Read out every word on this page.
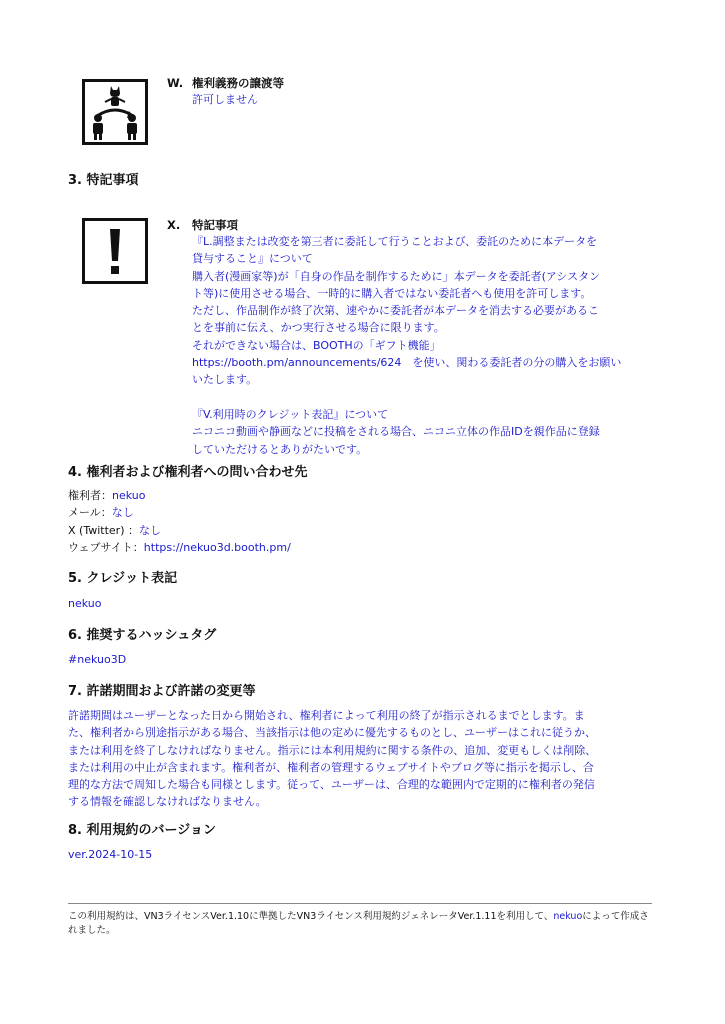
W. 権利義務の譲渡等
許可しません
3. 特記事項
X. 特記事項

『L.調整または改変を第三者に委託して行うことおよび、委託のために本データを

貸与すること』について

購入者(漫画家等)が「自身の作品を制作するために」本データを委託者(アシスタン

ト等)に使用させる場合、一時的に購入者ではない委託者へも使用を許可します。

ただし、作品制作が終了次第、速やかに委託者が本データを消去する必要があるこ

とを事前に伝え、かつ実行させる場合に限ります。

それができない場合は、BOOTHの「ギフト機能」

https://booth.pm/announcements/624　を使い、関わる委託者の分の購入をお願い

いたします。

『V.利用時のクレジット表記』について

ニコニコ動画や静画などに投稿をされる場合、ニコニ立体の作品IDを親作品に登録

していただけるとありがたいです。

4. 権利者および権利者への問い合わせ先

権利者：nekuo

メール：なし

X (Twitter) ：なし

ウェブサイト：https://nekuo3d.booth.pm/

5. クレジット表記
nekuo
6. 推奨するハッシュタグ
#nekuo3D
7. 許諾期間および許諾の変更等

許諾期間はユーザーとなった日から開始され、権利者によって利用の終了が指示されるまでとします。ま

た、権利者から別途指示がある場合、当該指示は他の定めに優先するものとし、ユーザーはこれに従うか、

または利用を終了しなければなりません。指示には本利用規約に関する条件の、追加、変更もしくは削除、

または利用の中止が含まれます。権利者が、権利者の管理するウェブサイトやブログ等に指示を掲示し、合

理的な方法で周知した場合も同様とします。従って、ユーザーは、合理的な範囲内で定期的に権利者の発信

する情報を確認しなければなりません。

8. 利用規約のバージョン
ver.2024-10-15
この利用規約は、VN3ライセンスVer.1.10に準拠したVN3ライセンス利用規約ジェネレータVer.1.11を利用して、nekuoによって作成さ
れました。
